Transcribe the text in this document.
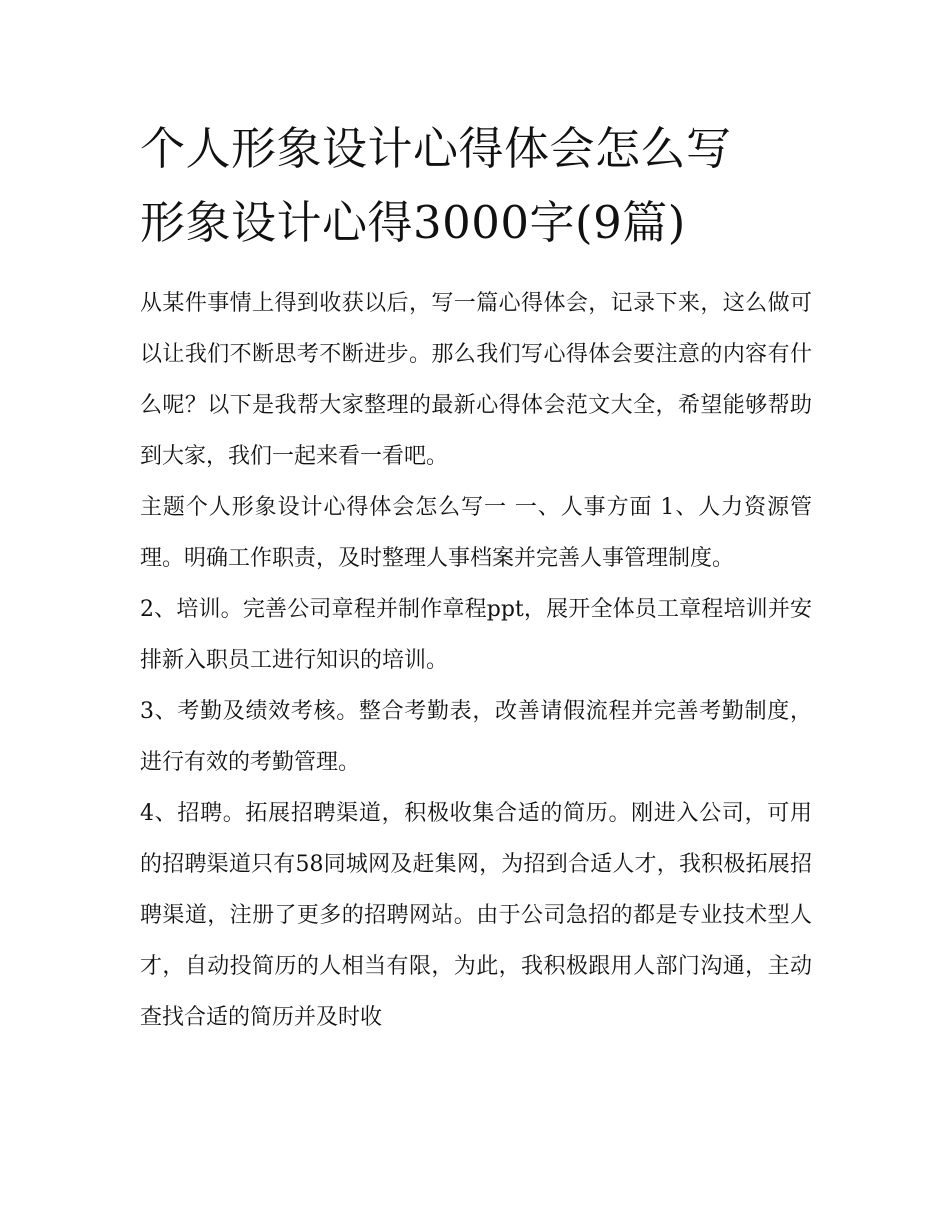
个人形象设计心得体会怎么写
形象设计心得3000字(9篇)

从某件事情上得到收获以后，写一篇心得体会，记录下来，这么做可以让我们不断思考不断进步。那么我们写心得体会要注意的内容有什么呢？以下是我帮大家整理的最新心得体会范文大全，希望能够帮助到大家，我们一起来看一看吧。

主题个人形象设计心得体会怎么写一 一、人事方面 1、人力资源管理。明确工作职责，及时整理人事档案并完善人事管理制度。

2、培训。完善公司章程并制作章程ppt，展开全体员工章程培训并安排新入职员工进行知识的培训。

3、考勤及绩效考核。整合考勤表，改善请假流程并完善考勤制度，进行有效的考勤管理。

4、招聘。拓展招聘渠道，积极收集合适的简历。刚进入公司，可用的招聘渠道只有58同城网及赶集网，为招到合适人才，我积极拓展招聘渠道，注册了更多的招聘网站。由于公司急招的都是专业技术型人才，自动投简历的人相当有限，为此，我积极跟用人部门沟通，主动查找合适的简历并及时收
